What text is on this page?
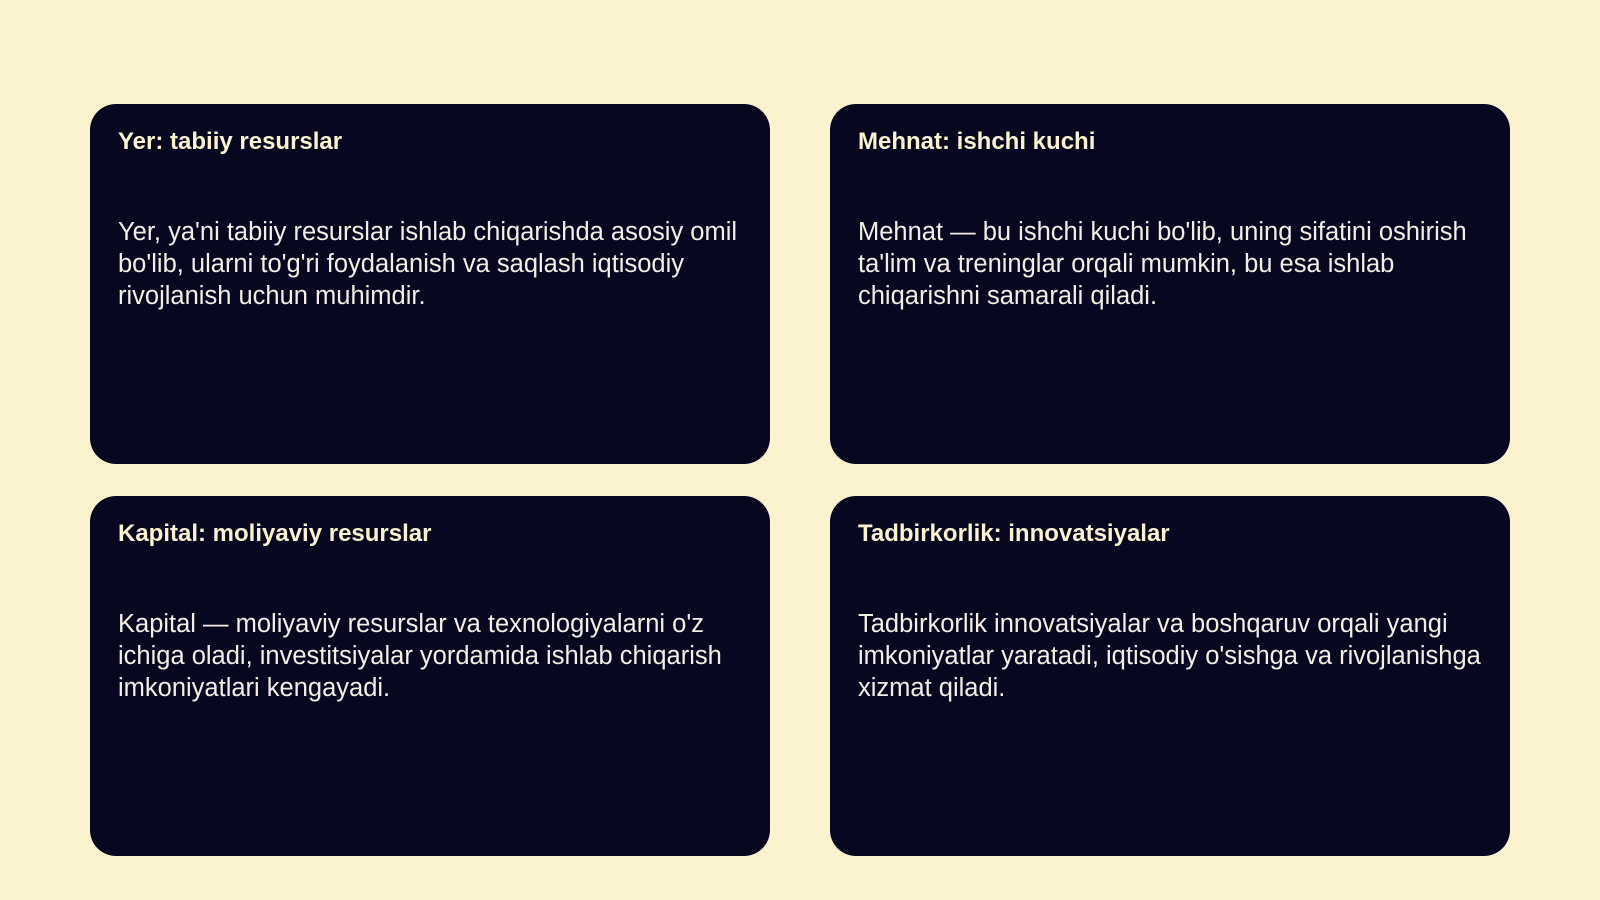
Yer: tabiiy resurslar

Yer, ya'ni tabiiy resurslar ishlab chiqarishda asosiy omil bo'lib, ularni to'g'ri foydalanish va saqlash iqtisodiy rivojlanish uchun muhimdir.

Mehnat: ishchi kuchi

Mehnat — bu ishchi kuchi bo'lib, uning sifatini oshirish ta'lim va treninglar orqali mumkin, bu esa ishlab chiqarishni samarali qiladi.

Kapital: moliyaviy resurslar

Kapital — moliyaviy resurslar va texnologiyalarni o'z ichiga oladi, investitsiyalar yordamida ishlab chiqarish imkoniyatlari kengayadi.

Tadbirkorlik: innovatsiyalar

Tadbirkorlik innovatsiyalar va boshqaruv orqali yangi imkoniyatlar yaratadi, iqtisodiy o'sishga va rivojlanishga xizmat qiladi.
